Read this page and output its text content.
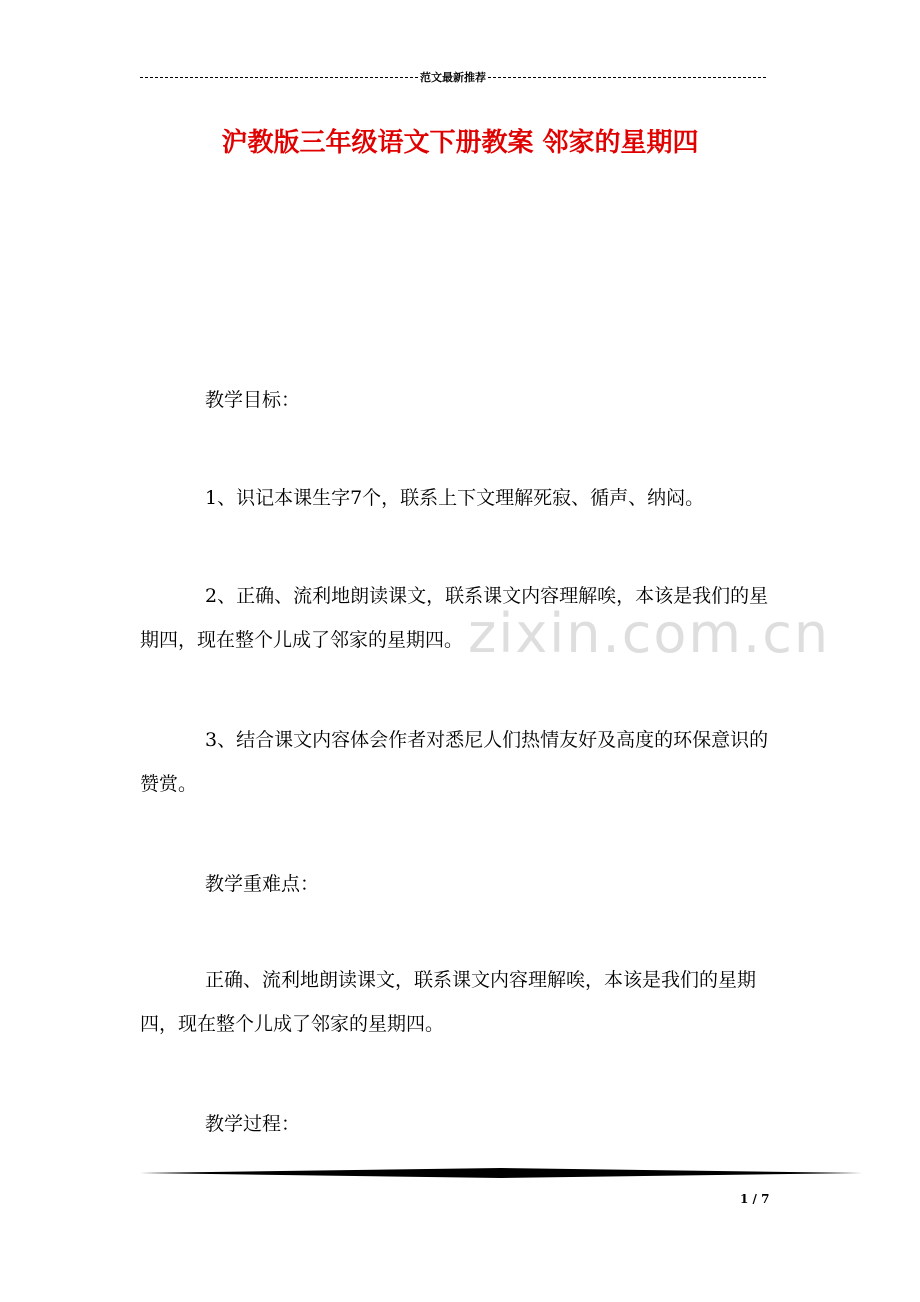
范文最新推荐
沪教版三年级语文下册教案 邻家的星期四
zixin.com.cn

教学目标：

1、识记本课生字7个，联系上下文理解死寂、循声、纳闷。

2、正确、流利地朗读课文，联系课文内容理解唉，本该是我们的星期四，现在整个儿成了邻家的星期四。

3、结合课文内容体会作者对悉尼人们热情友好及高度的环保意识的赞赏。

教学重难点：

正确、流利地朗读课文，联系课文内容理解唉，本该是我们的星期四，现在整个儿成了邻家的星期四。

教学过程：

1 / 7
